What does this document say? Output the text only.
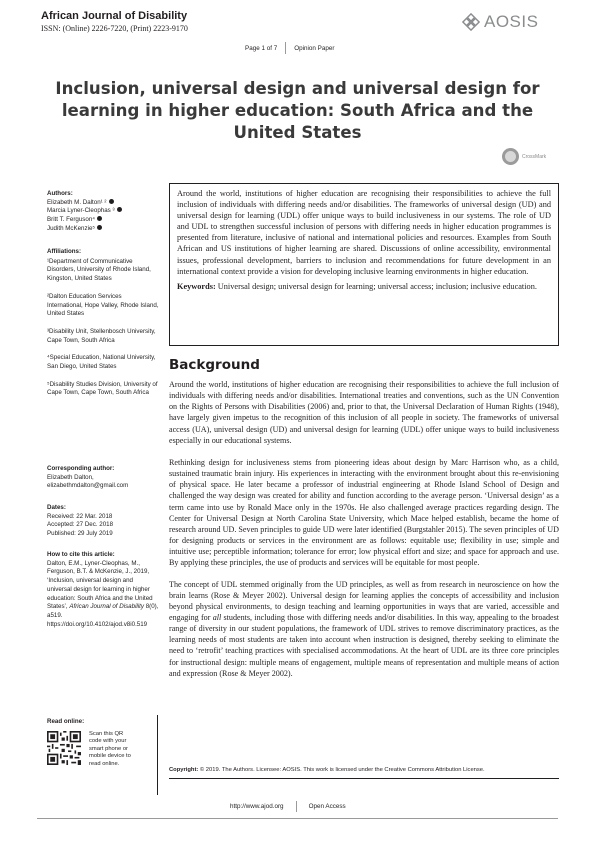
African Journal of Disability
ISSN: (Online) 2226-7220, (Print) 2223-9170	AOSIS
Page 1 of 7	Opinion Paper
Inclusion, universal design and universal design for learning in higher education: South Africa and the United States
CrossMark
Authors:
Elizabeth M. Dalton¹ ²
Marcia Lyner-Cleophas ³
Britt T. Ferguson⁴
Judith McKenzie⁵
Affiliations:
¹Department of Communicative Disorders, University of Rhode Island, Kingston, United States
²Dalton Education Services International, Hope Valley, Rhode Island, United States
³Disability Unit, Stellenbosch University, Cape Town, South Africa
⁴Special Education, National University, San Diego, United States
⁵Disability Studies Division, University of Cape Town, Cape Town, South Africa
Corresponding author:
Elizabeth Dalton,
elizabethmdalton@gmail.com
Dates:
Received: 22 Mar. 2018
Accepted: 27 Dec. 2018
Published: 29 July 2019
How to cite this article:
Dalton, E.M., Lyner-Cleophas, M., Ferguson, B.T. & McKenzie, J., 2019, ‘Inclusion, universal design and universal design for learning in higher education: South Africa and the United States’, African Journal of Disability 8(0), a519. https://doi.org/10.4102/ajod.v8i0.519
Read online:
Scan this QR code with your smart phone or mobile device to read online.

Around the world, institutions of higher education are recognising their responsibilities to achieve the full inclusion of individuals with differing needs and/or disabilities. The frameworks of universal design (UD) and universal design for learning (UDL) offer unique ways to build inclusiveness in our systems. The role of UD and UDL to strengthen successful inclusion of persons with differing needs in higher education programmes is presented from literature, inclusive of national and international policies and resources. Examples from South African and US institutions of higher learning are shared. Discussions of online accessibility, environmental issues, professional development, barriers to inclusion and recommendations for future development in an international context provide a vision for developing inclusive learning environments in higher education.

Keywords: Universal design; universal design for learning; universal access; inclusion; inclusive education.

Background

Around the world, institutions of higher education are recognising their responsibilities to achieve the full inclusion of individuals with differing needs and/or disabilities. International treaties and conventions, such as the UN Convention on the Rights of Persons with Disabilities (2006) and, prior to that, the Universal Declaration of Human Rights (1948), have largely given impetus to the recognition of this inclusion of all people in society. The frameworks of universal access (UA), universal design (UD) and universal design for learning (UDL) offer unique ways to build inclusiveness especially in our educational systems.

Rethinking design for inclusiveness stems from pioneering ideas about design by Marc Harrison who, as a child, sustained traumatic brain injury. His experiences in interacting with the environment brought about this re-envisioning of physical space. He later became a professor of industrial engineering at Rhode Island School of Design and challenged the way design was created for ability and function according to the average person. ‘Universal design’ as a term came into use by Ronald Mace only in the 1970s. He also challenged average practices regarding design. The Center for Universal Design at North Carolina State University, which Mace helped establish, became the home of research around UD. Seven principles to guide UD were later identified (Burgstahler 2015). The seven principles of UD for designing products or services in the environment are as follows: equitable use; flexibility in use; simple and intuitive use; perceptible information; tolerance for error; low physical effort and size; and space for approach and use. By applying these principles, the use of products and services will be equitable for most people.

The concept of UDL stemmed originally from the UD principles, as well as from research in neuroscience on how the brain learns (Rose & Meyer 2002). Universal design for learning applies the concepts of accessibility and inclusion beyond physical environments, to design teaching and learning opportunities in ways that are varied, accessible and engaging for all students, including those with differing needs and/or disabilities. In this way, appealing to the broadest range of diversity in our student populations, the framework of UDL strives to remove discriminatory practices, as the learning needs of most students are taken into account when instruction is designed, thereby seeking to eliminate the need to ‘retrofit’ teaching practices with specialised accommodations. At the heart of UDL are its three core principles for instructional design: multiple means of engagement, multiple means of representation and multiple means of action and expression (Rose & Meyer 2002).

Copyright: © 2019. The Authors. Licensee: AOSIS. This work is licensed under the Creative Commons Attribution License.
http://www.ajod.org	Open Access
